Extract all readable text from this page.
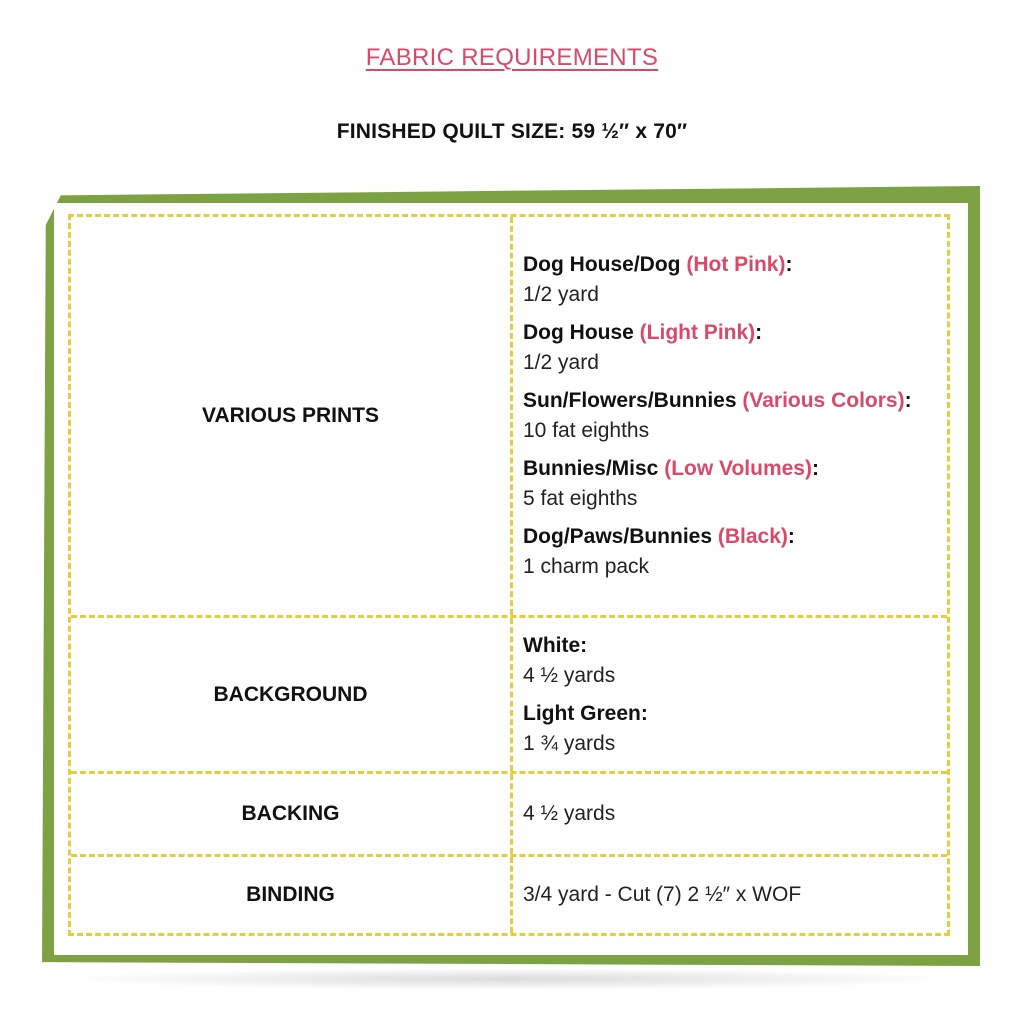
FABRIC REQUIREMENTS
FINISHED QUILT SIZE: 59 ½″ x 70″
VARIOUS PRINTS
Dog House/Dog (Hot Pink):
1/2 yard
Dog House (Light Pink):
1/2 yard
Sun/Flowers/Bunnies (Various Colors):
10 fat eighths
Bunnies/Misc (Low Volumes):
5 fat eighths
Dog/Paws/Bunnies (Black):
1 charm pack
BACKGROUND
White:
4 ½ yards
Light Green:
1 ¾ yards
BACKING	4 ½ yards
BINDING	3/4 yard - Cut (7) 2 ½″ x WOF
